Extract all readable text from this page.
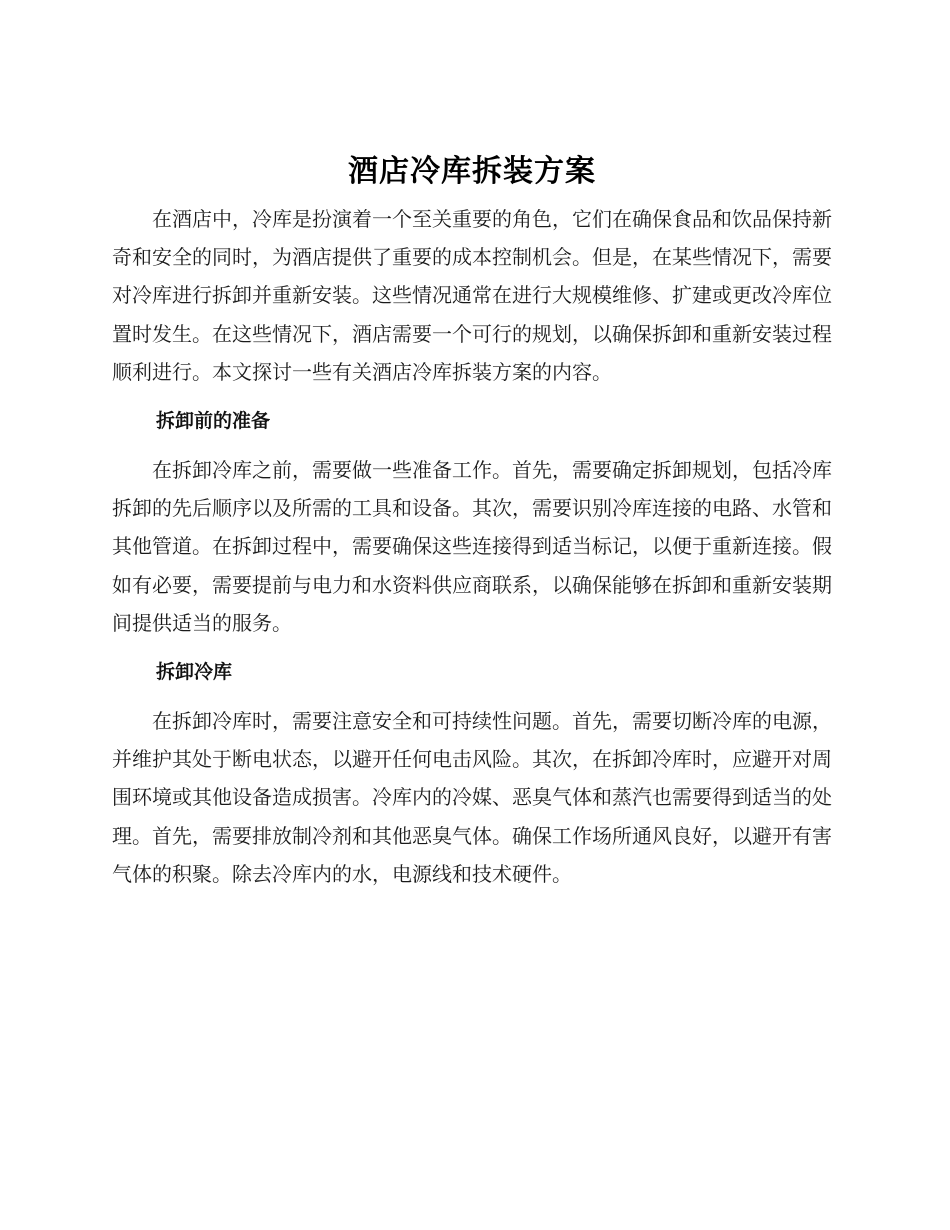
酒店冷库拆装方案

在酒店中，冷库是扮演着一个至关重要的角色，它们在确保食品和饮品保持新奇和安全的同时，为酒店提供了重要的成本控制机会。但是，在某些情况下，需要对冷库进行拆卸并重新安装。这些情况通常在进行大规模维修、扩建或更改冷库位置时发生。在这些情况下，酒店需要一个可行的规划，以确保拆卸和重新安装过程顺利进行。本文探讨一些有关酒店冷库拆装方案的内容。

拆卸前的准备

在拆卸冷库之前，需要做一些准备工作。首先，需要确定拆卸规划，包括冷库拆卸的先后顺序以及所需的工具和设备。其次，需要识别冷库连接的电路、水管和其他管道。在拆卸过程中，需要确保这些连接得到适当标记，以便于重新连接。假如有必要，需要提前与电力和水资料供应商联系，以确保能够在拆卸和重新安装期间提供适当的服务。

拆卸冷库

在拆卸冷库时，需要注意安全和可持续性问题。首先，需要切断冷库的电源，并维护其处于断电状态，以避开任何电击风险。其次，在拆卸冷库时，应避开对周围环境或其他设备造成损害。冷库内的冷媒、恶臭气体和蒸汽也需要得到适当的处理。首先，需要排放制冷剂和其他恶臭气体。确保工作场所通风良好，以避开有害气体的积聚。除去冷库内的水，电源线和技术硬件。
